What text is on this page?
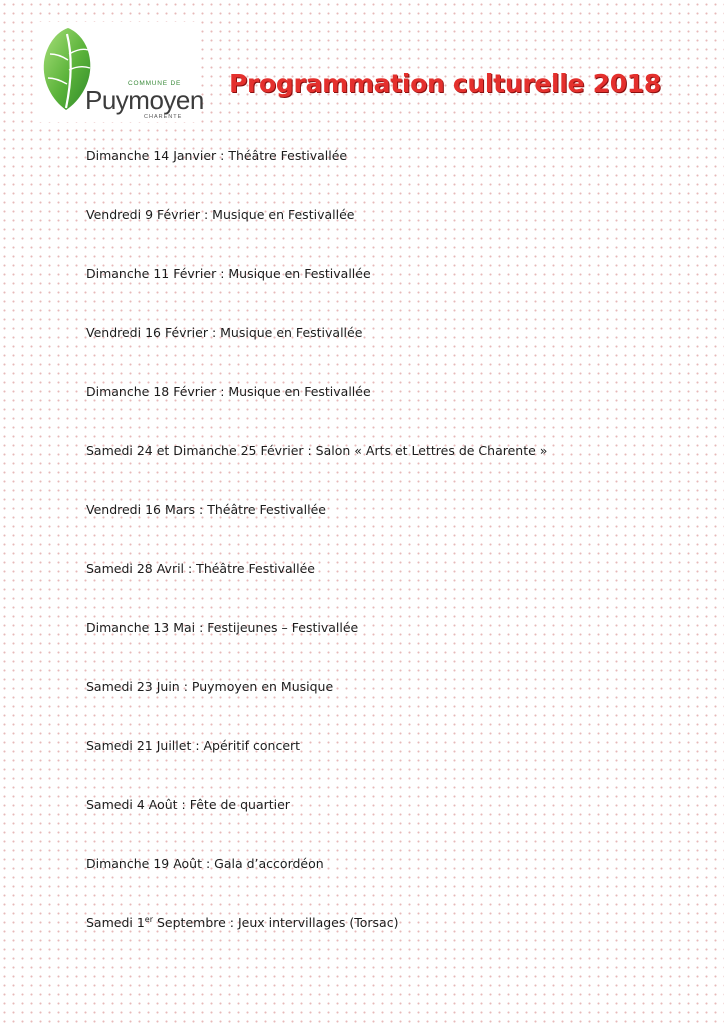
COMMUNE DE
Puymoyen
CHARENTE
Programmation culturelle 2018
Dimanche 14 Janvier : Théâtre Festivallée
Vendredi 9 Février : Musique en Festivallée
Dimanche 11 Février : Musique en Festivallée
Vendredi 16 Février : Musique en Festivallée
Dimanche 18 Février : Musique en Festivallée
Samedi 24 et Dimanche 25 Février : Salon « Arts et Lettres de Charente »
Vendredi 16 Mars : Théâtre Festivallée
Samedi 28 Avril : Théâtre Festivallée
Dimanche 13 Mai : Festijeunes – Festivallée
Samedi 23 Juin : Puymoyen en Musique
Samedi 21 Juillet : Apéritif concert
Samedi 4 Août : Fête de quartier
Dimanche 19 Août : Gala d’accordéon
Samedi 1er Septembre : Jeux intervillages (Torsac)
